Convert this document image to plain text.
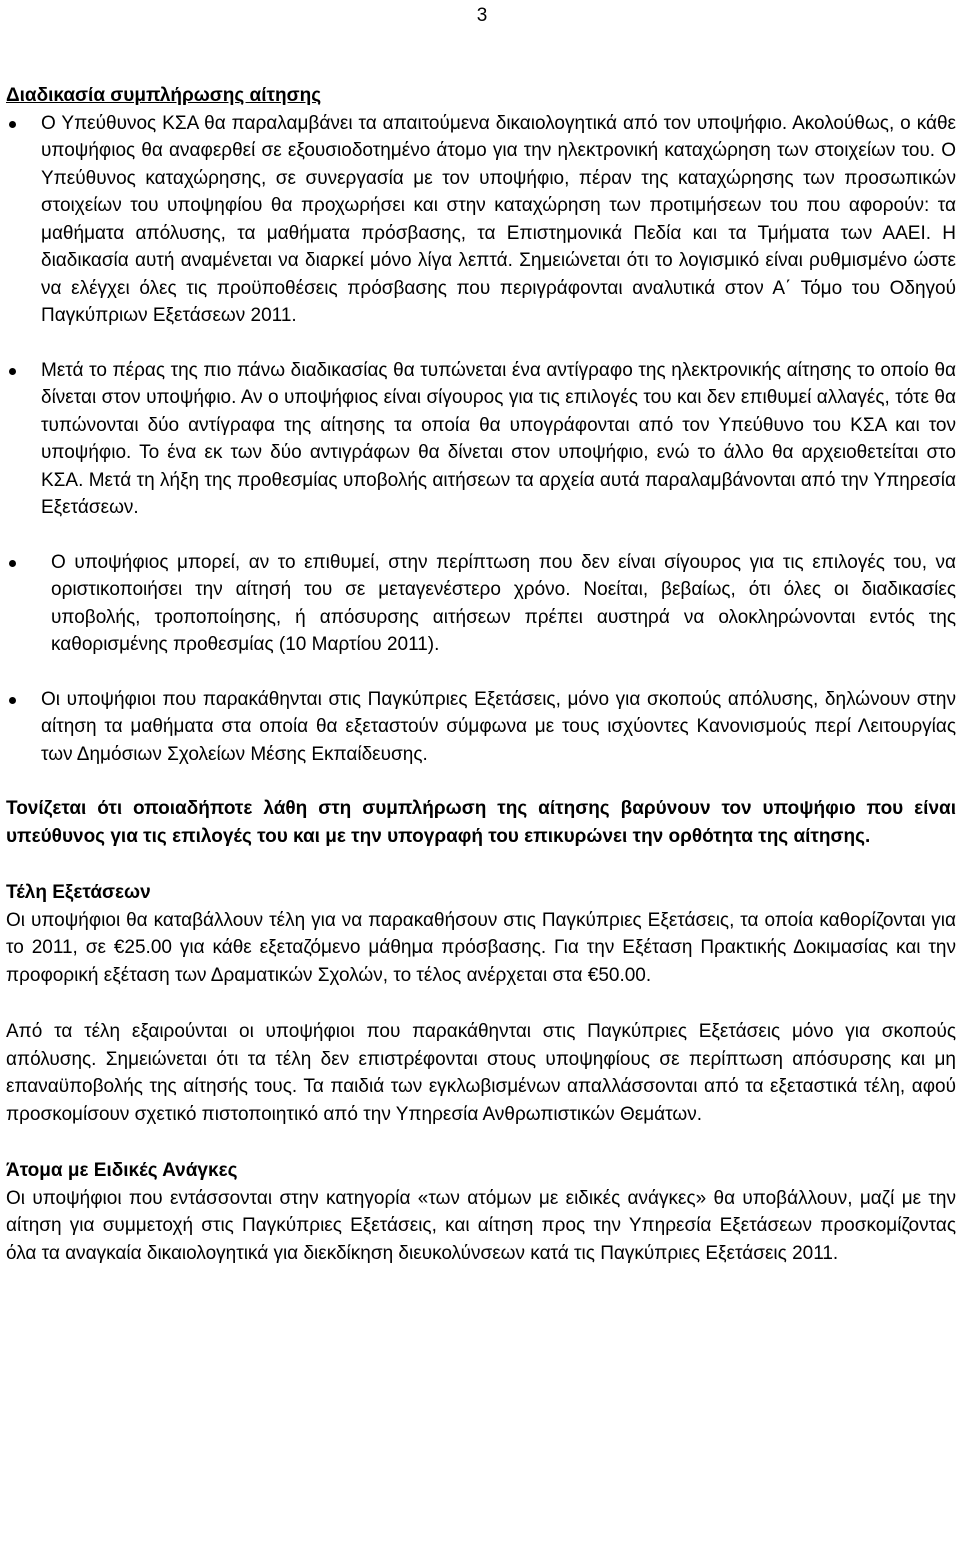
3
Διαδικασία συμπλήρωσης αίτησης
Ο Υπεύθυνος ΚΣΑ θα παραλαμβάνει τα απαιτούμενα δικαιολογητικά από τον υποψήφιο. Ακολούθως, ο κάθε υποψήφιος θα αναφερθεί σε εξουσιοδοτημένο άτομο για την ηλεκτρονική καταχώρηση των στοιχείων του. Ο Υπεύθυνος καταχώρησης, σε συνεργασία με τον υποψήφιο, πέραν της καταχώρησης των προσωπικών στοιχείων του υποψηφίου θα προχωρήσει και στην καταχώρηση των προτιμήσεων του που αφορούν: τα μαθήματα απόλυσης, τα μαθήματα πρόσβασης, τα Επιστημονικά Πεδία και τα Τμήματα των ΑΑΕΙ. Η διαδικασία αυτή αναμένεται να διαρκεί μόνο λίγα λεπτά. Σημειώνεται ότι το λογισμικό είναι ρυθμισμένο ώστε να ελέγχει όλες τις προϋποθέσεις πρόσβασης που περιγράφονται αναλυτικά στον Α΄ Τόμο του Οδηγού Παγκύπριων Εξετάσεων 2011.
Μετά το πέρας της πιο πάνω διαδικασίας θα τυπώνεται ένα αντίγραφο της ηλεκτρονικής αίτησης το οποίο θα δίνεται στον υποψήφιο. Αν ο υποψήφιος είναι σίγουρος για τις επιλογές του και δεν επιθυμεί αλλαγές, τότε θα τυπώνονται δύο αντίγραφα της αίτησης τα οποία θα υπογράφονται από τον Υπεύθυνο του ΚΣΑ και τον υποψήφιο. Το ένα εκ των δύο αντιγράφων θα δίνεται στον υποψήφιο, ενώ το άλλο θα αρχειοθετείται στο ΚΣΑ. Μετά τη λήξη της προθεσμίας υποβολής αιτήσεων τα αρχεία αυτά παραλαμβάνονται από την Υπηρεσία Εξετάσεων.
Ο υποψήφιος μπορεί, αν το επιθυμεί, στην περίπτωση που δεν είναι σίγουρος για τις επιλογές του, να οριστικοποιήσει την αίτησή του σε μεταγενέστερο χρόνο. Νοείται, βεβαίως, ότι όλες οι διαδικασίες υποβολής, τροποποίησης, ή απόσυρσης αιτήσεων πρέπει αυστηρά να ολοκληρώνονται εντός της καθορισμένης προθεσμίας (10 Μαρτίου 2011).
Οι υποψήφιοι που παρακάθηνται στις Παγκύπριες Εξετάσεις, μόνο για σκοπούς απόλυσης, δηλώνουν στην αίτηση τα μαθήματα στα οποία θα εξεταστούν σύμφωνα με τους ισχύοντες Κανονισμούς περί Λειτουργίας των Δημόσιων Σχολείων Μέσης Εκπαίδευσης.

Τονίζεται ότι οποιαδήποτε λάθη στη συμπλήρωση της αίτησης βαρύνουν τον υποψήφιο που είναι υπεύθυνος για τις επιλογές του και με την υπογραφή του επικυρώνει την ορθότητα της αίτησης.

Τέλη Εξετάσεων

Οι υποψήφιοι θα καταβάλλουν τέλη για να παρακαθήσουν στις Παγκύπριες Εξετάσεις, τα οποία καθορίζονται για το 2011, σε €25.00 για κάθε εξεταζόμενο μάθημα πρόσβασης. Για την Εξέταση Πρακτικής Δοκιμασίας και την προφορική εξέταση των Δραματικών Σχολών, το τέλος ανέρχεται στα €50.00.

Από τα τέλη εξαιρούνται οι υποψήφιοι που παρακάθηνται στις Παγκύπριες Εξετάσεις μόνο για σκοπούς απόλυσης. Σημειώνεται ότι τα τέλη δεν επιστρέφονται στους υποψηφίους σε περίπτωση απόσυρσης και μη επαναϋποβολής της αίτησής τους. Τα παιδιά των εγκλωβισμένων απαλλάσσονται από τα εξεταστικά τέλη, αφού προσκομίσουν σχετικό πιστοποιητικό από την Υπηρεσία Ανθρωπιστικών Θεμάτων.

Άτομα με Ειδικές Ανάγκες

Οι υποψήφιοι που εντάσσονται στην κατηγορία «των ατόμων με ειδικές ανάγκες» θα υποβάλλουν, μαζί με την αίτηση για συμμετοχή στις Παγκύπριες Εξετάσεις, και αίτηση προς την Υπηρεσία Εξετάσεων προσκομίζοντας όλα τα αναγκαία δικαιολογητικά για διεκδίκηση διευκολύνσεων κατά τις Παγκύπριες Εξετάσεις 2011.
